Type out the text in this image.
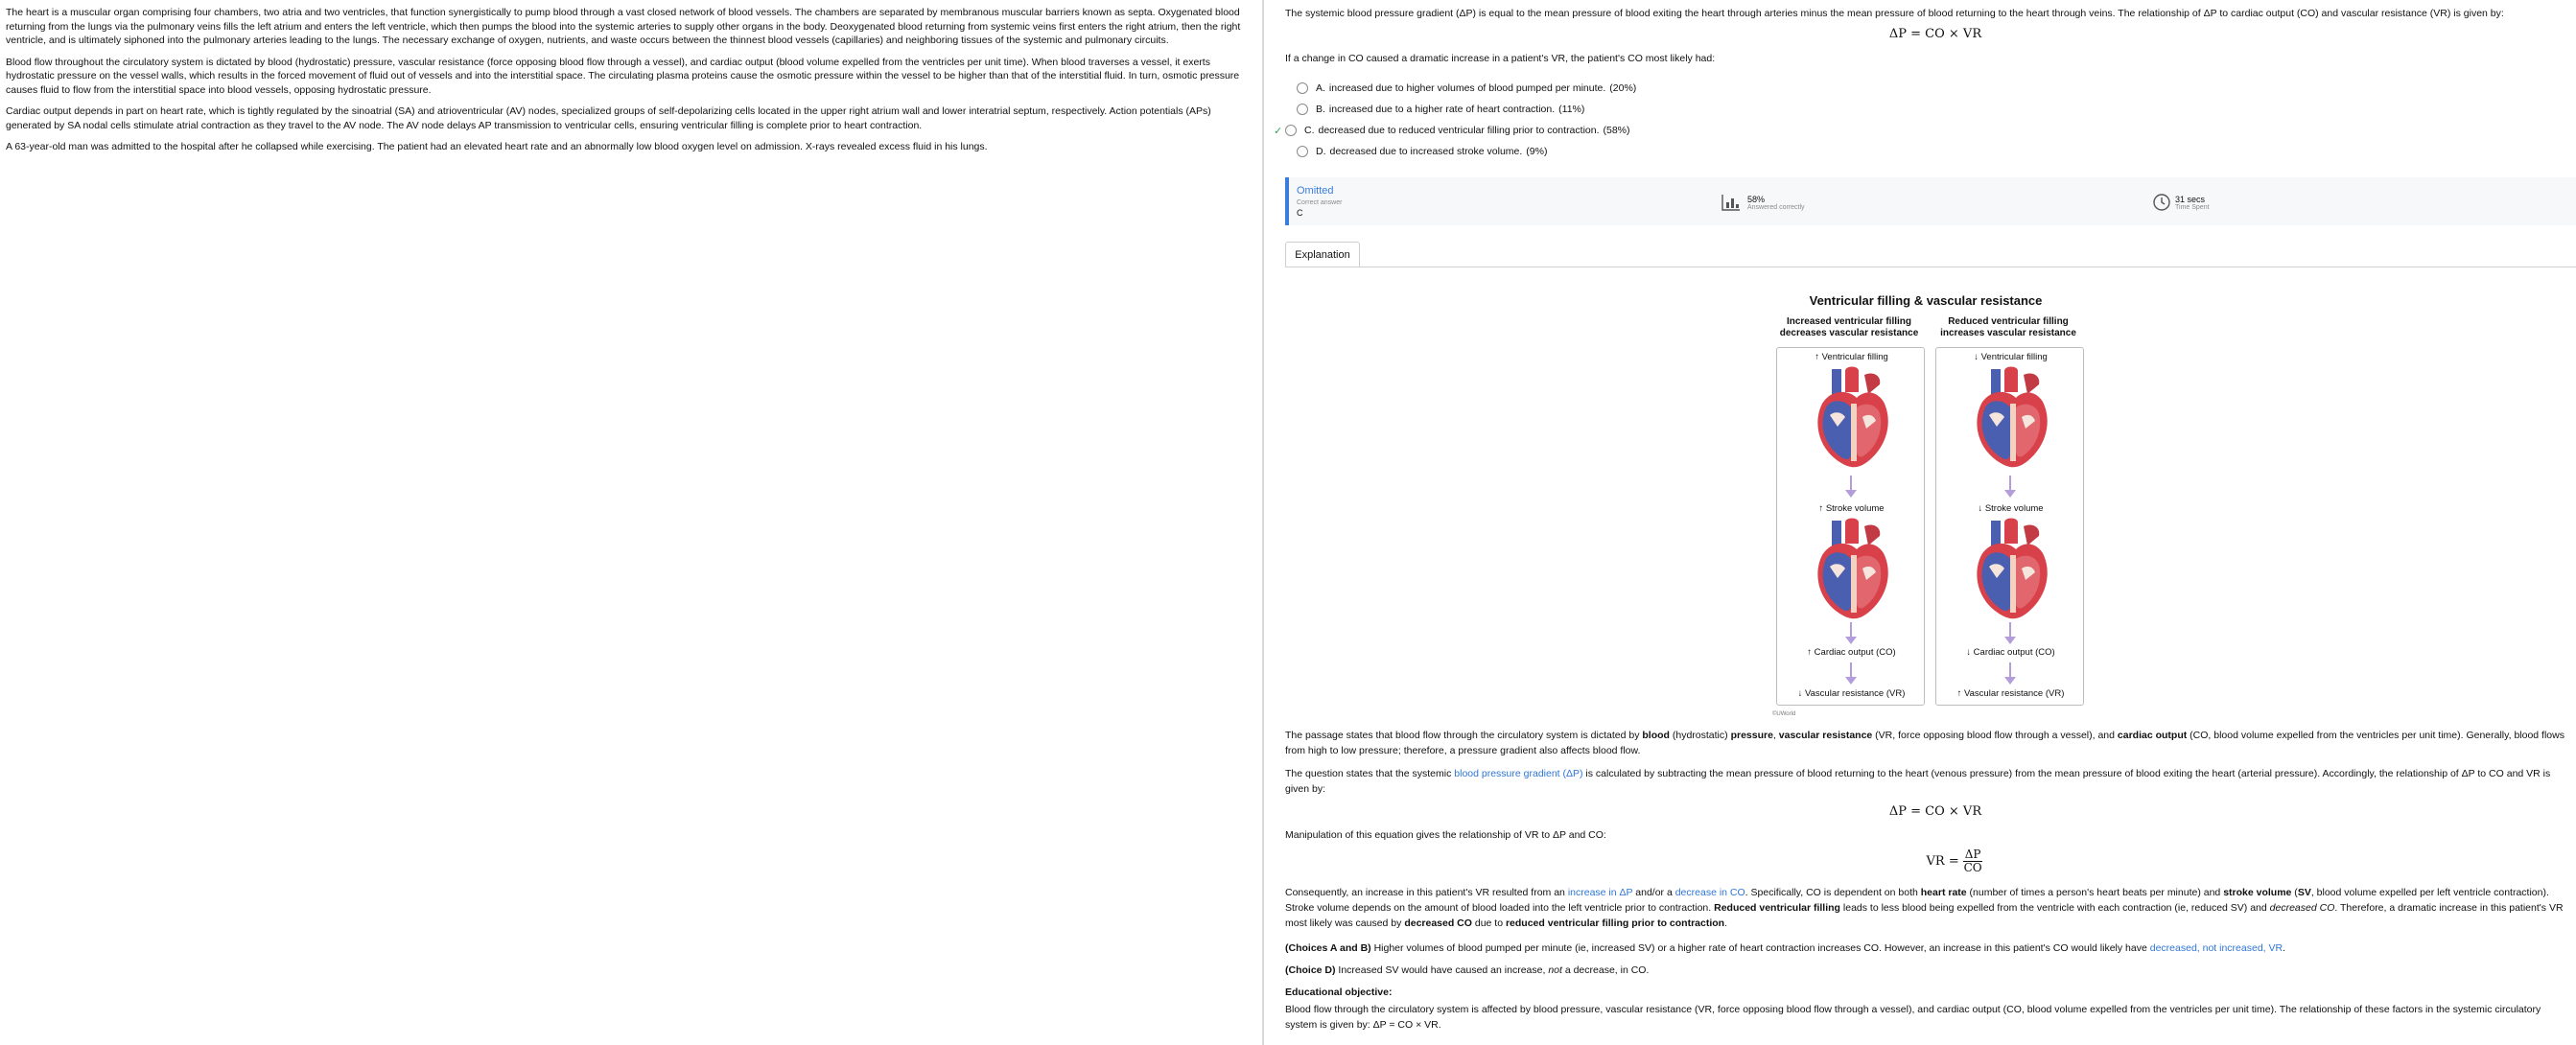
The heart is a muscular organ comprising four chambers, two atria and two ventricles, that function synergistically to pump blood through a vast closed network of blood vessels. The chambers are separated by membranous muscular barriers known as septa. Oxygenated blood returning from the lungs via the pulmonary veins fills the left atrium and enters the left ventricle, which then pumps the blood into the systemic arteries to supply other organs in the body. Deoxygenated blood returning from systemic veins first enters the right atrium, then the right ventricle, and is ultimately siphoned into the pulmonary arteries leading to the lungs. The necessary exchange of oxygen, nutrients, and waste occurs between the thinnest blood vessels (capillaries) and neighboring tissues of the systemic and pulmonary circuits.

Blood flow throughout the circulatory system is dictated by blood (hydrostatic) pressure, vascular resistance (force opposing blood flow through a vessel), and cardiac output (blood volume expelled from the ventricles per unit time). When blood traverses a vessel, it exerts hydrostatic pressure on the vessel walls, which results in the forced movement of fluid out of vessels and into the interstitial space. The circulating plasma proteins cause the osmotic pressure within the vessel to be higher than that of the interstitial fluid. In turn, osmotic pressure causes fluid to flow from the interstitial space into blood vessels, opposing hydrostatic pressure.

Cardiac output depends in part on heart rate, which is tightly regulated by the sinoatrial (SA) and atrioventricular (AV) nodes, specialized groups of self-depolarizing cells located in the upper right atrium wall and lower interatrial septum, respectively. Action potentials (APs) generated by SA nodal cells stimulate atrial contraction as they travel to the AV node. The AV node delays AP transmission to ventricular cells, ensuring ventricular filling is complete prior to heart contraction.

A 63-year-old man was admitted to the hospital after he collapsed while exercising. The patient had an elevated heart rate and an abnormally low blood oxygen level on admission. X-rays revealed excess fluid in his lungs.

The systemic blood pressure gradient (ΔP) is equal to the mean pressure of blood exiting the heart through arteries minus the mean pressure of blood returning to the heart through veins. The relationship of ΔP to cardiac output (CO) and vascular resistance (VR) is given by:
ΔP = CO × VR
If a change in CO caused a dramatic increase in a patient's VR, the patient's CO most likely had:
A. increased due to higher volumes of blood pumped per minute. (20%)
B. increased due to a higher rate of heart contraction. (11%)
✓ C. decreased due to reduced ventricular filling prior to contraction. (58%)
D. decreased due to increased stroke volume. (9%)
Omitted
Correct answer
C
58%
Answered correctly
31 secs
Time Spent
Explanation
Ventricular filling & vascular resistance
Increased ventricular filling
decreases vascular resistance
Reduced ventricular filling
increases vascular resistance
↑ Ventricular filling
↑ Stroke volume
↑ Cardiac output (CO)
↓ Vascular resistance (VR)
↓ Ventricular filling
↓ Stroke volume
↓ Cardiac output (CO)
↑ Vascular resistance (VR)
©UWorld
The passage states that blood flow through the circulatory system is dictated by blood (hydrostatic) pressure, vascular resistance (VR, force opposing blood flow through a vessel), and cardiac output (CO, blood volume expelled from the ventricles per unit time). Generally, blood flows from high to low pressure; therefore, a pressure gradient also affects blood flow.
The question states that the systemic blood pressure gradient (ΔP) is calculated by subtracting the mean pressure of blood returning to the heart (venous pressure) from the mean pressure of blood exiting the heart (arterial pressure). Accordingly, the relationship of ΔP to CO and VR is given by:
ΔP = CO × VR
Manipulation of this equation gives the relationship of VR to ΔP and CO:
VR = $\frac{\Delta P}{CO}$
Consequently, an increase in this patient's VR resulted from an increase in ΔP and/or a decrease in CO. Specifically, CO is dependent on both heart rate (number of times a person's heart beats per minute) and stroke volume (SV, blood volume expelled per left ventricle contraction). Stroke volume depends on the amount of blood loaded into the left ventricle prior to contraction. Reduced ventricular filling leads to less blood being expelled from the ventricle with each contraction (ie, reduced SV) and decreased CO. Therefore, a dramatic increase in this patient's VR most likely was caused by decreased CO due to reduced ventricular filling prior to contraction.
(Choices A and B) Higher volumes of blood pumped per minute (ie, increased SV) or a higher rate of heart contraction increases CO. However, an increase in this patient's CO would likely have decreased, not increased, VR.
(Choice D) Increased SV would have caused an increase, not a decrease, in CO.
Educational objective:
Blood flow through the circulatory system is affected by blood pressure, vascular resistance (VR, force opposing blood flow through a vessel), and cardiac output (CO, blood volume expelled from the ventricles per unit time). The relationship of these factors in the systemic circulatory system is given by: ΔP = CO × VR.
